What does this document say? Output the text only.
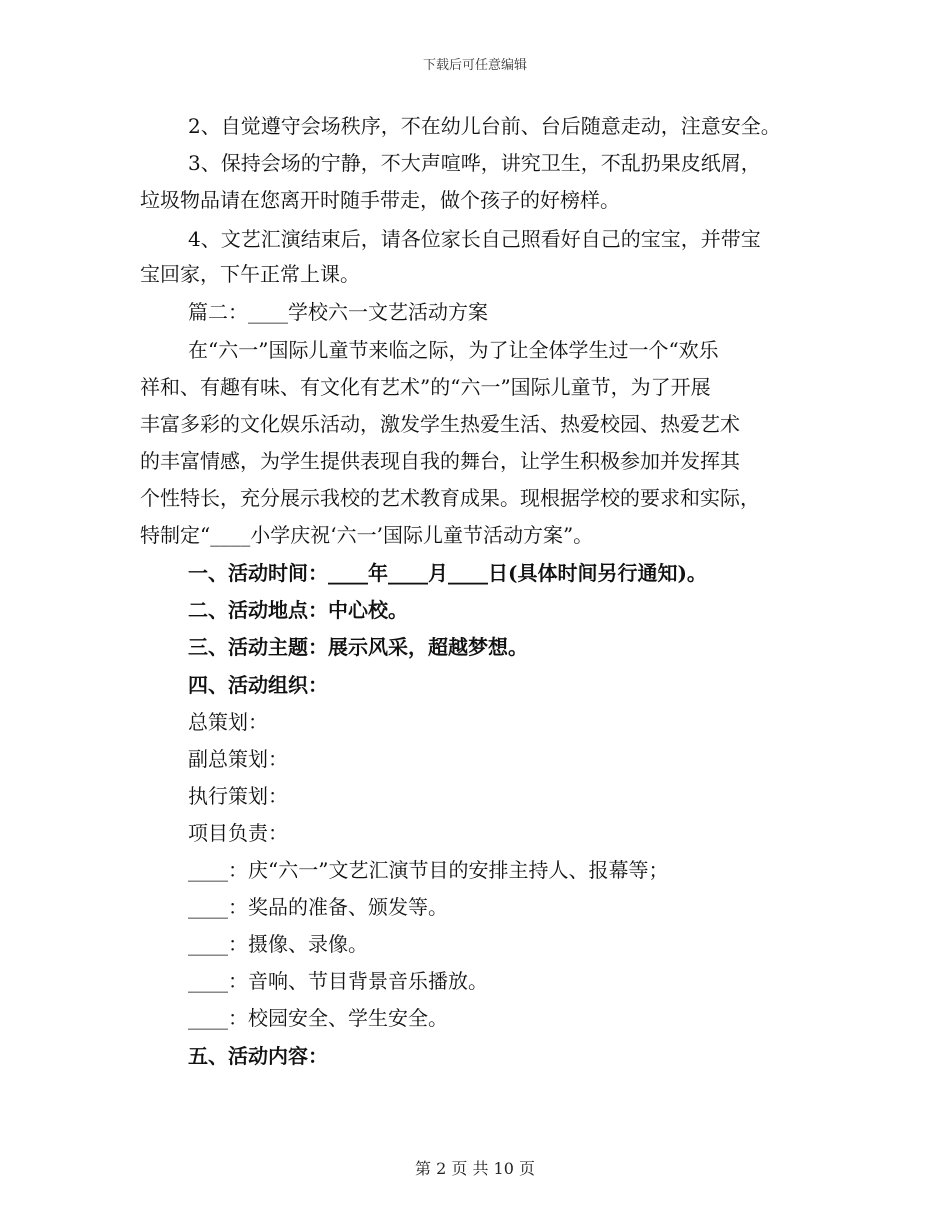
下载后可任意编辑
2、自觉遵守会场秩序，不在幼儿台前、台后随意走动，注意安全。
3、保持会场的宁静，不大声喧哗，讲究卫生，不乱扔果皮纸屑，
垃圾物品请在您离开时随手带走，做个孩子的好榜样。
4、文艺汇演结束后，请各位家长自己照看好自己的宝宝，并带宝
宝回家，下午正常上课。
篇二：____学校六一文艺活动方案
在“六一”国际儿童节来临之际，为了让全体学生过一个“欢乐
祥和、有趣有味、有文化有艺术”的“六一”国际儿童节，为了开展
丰富多彩的文化娱乐活动，激发学生热爱生活、热爱校园、热爱艺术
的丰富情感，为学生提供表现自我的舞台，让学生积极参加并发挥其
个性特长，充分展示我校的艺术教育成果。现根据学校的要求和实际，
特制定“____小学庆祝‘六一’国际儿童节活动方案”。
一、活动时间：____年____月____日(具体时间另行通知)。
二、活动地点：中心校。
三、活动主题：展示风采，超越梦想。
四、活动组织：
总策划：
副总策划：
执行策划：
项目负责：
____：庆“六一”文艺汇演节目的安排主持人、报幕等；
____：奖品的准备、颁发等。
____：摄像、录像。
____：音响、节目背景音乐播放。
____：校园安全、学生安全。
五、活动内容：
第 2 页 共 10 页
